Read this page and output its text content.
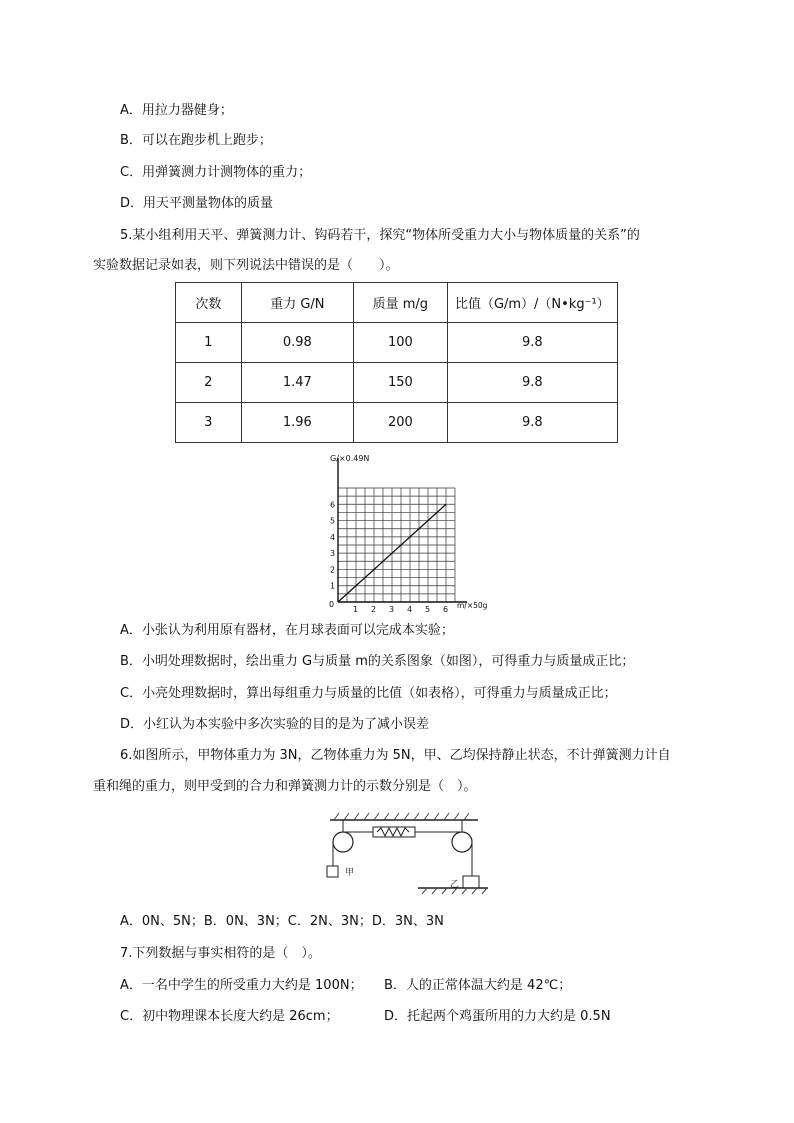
A．用拉力器健身；
B．可以在跑步机上跑步；
C．用弹簧测力计测物体的重力；
D．用天平测量物体的质量
5.某小组利用天平、弹簧测力计、钩码若干，探究“物体所受重力大小与物体质量的关系”的
实验数据记录如表，则下列说法中错误的是（　　）。
次数	重力 G/N	质量 m/g	比值（G/m）/（N•kg⁻¹）
1	0.98	100	9.8
2	1.47	150	9.8
3	1.96	200	9.8
1 2 3 4 5 6
1
2
3
4
5
6
0
G/×0.49N
m/×50g
A．小张认为利用原有器材，在月球表面可以完成本实验；
B．小明处理数据时，绘出重力 G与质量 m的关系图象（如图），可得重力与质量成正比；
C．小亮处理数据时，算出每组重力与质量的比值（如表格），可得重力与质量成正比；
D．小红认为本实验中多次实验的目的是为了减小误差
6.如图所示，甲物体重力为 3N，乙物体重力为 5N，甲、乙均保持静止状态，不计弹簧测力计自
重和绳的重力，则甲受到的合力和弹簧测力计的示数分别是（　）。
甲
乙
A．0N、5N；B．0N、3N；C．2N、3N；D．3N、3N
7.下列数据与事实相符的是（　）。
A．一名中学生的所受重力大约是 100N； B．人的正常体温大约是 42℃；
C．初中物理课本长度大约是 26cm；	D．托起两个鸡蛋所用的力大约是 0.5N
